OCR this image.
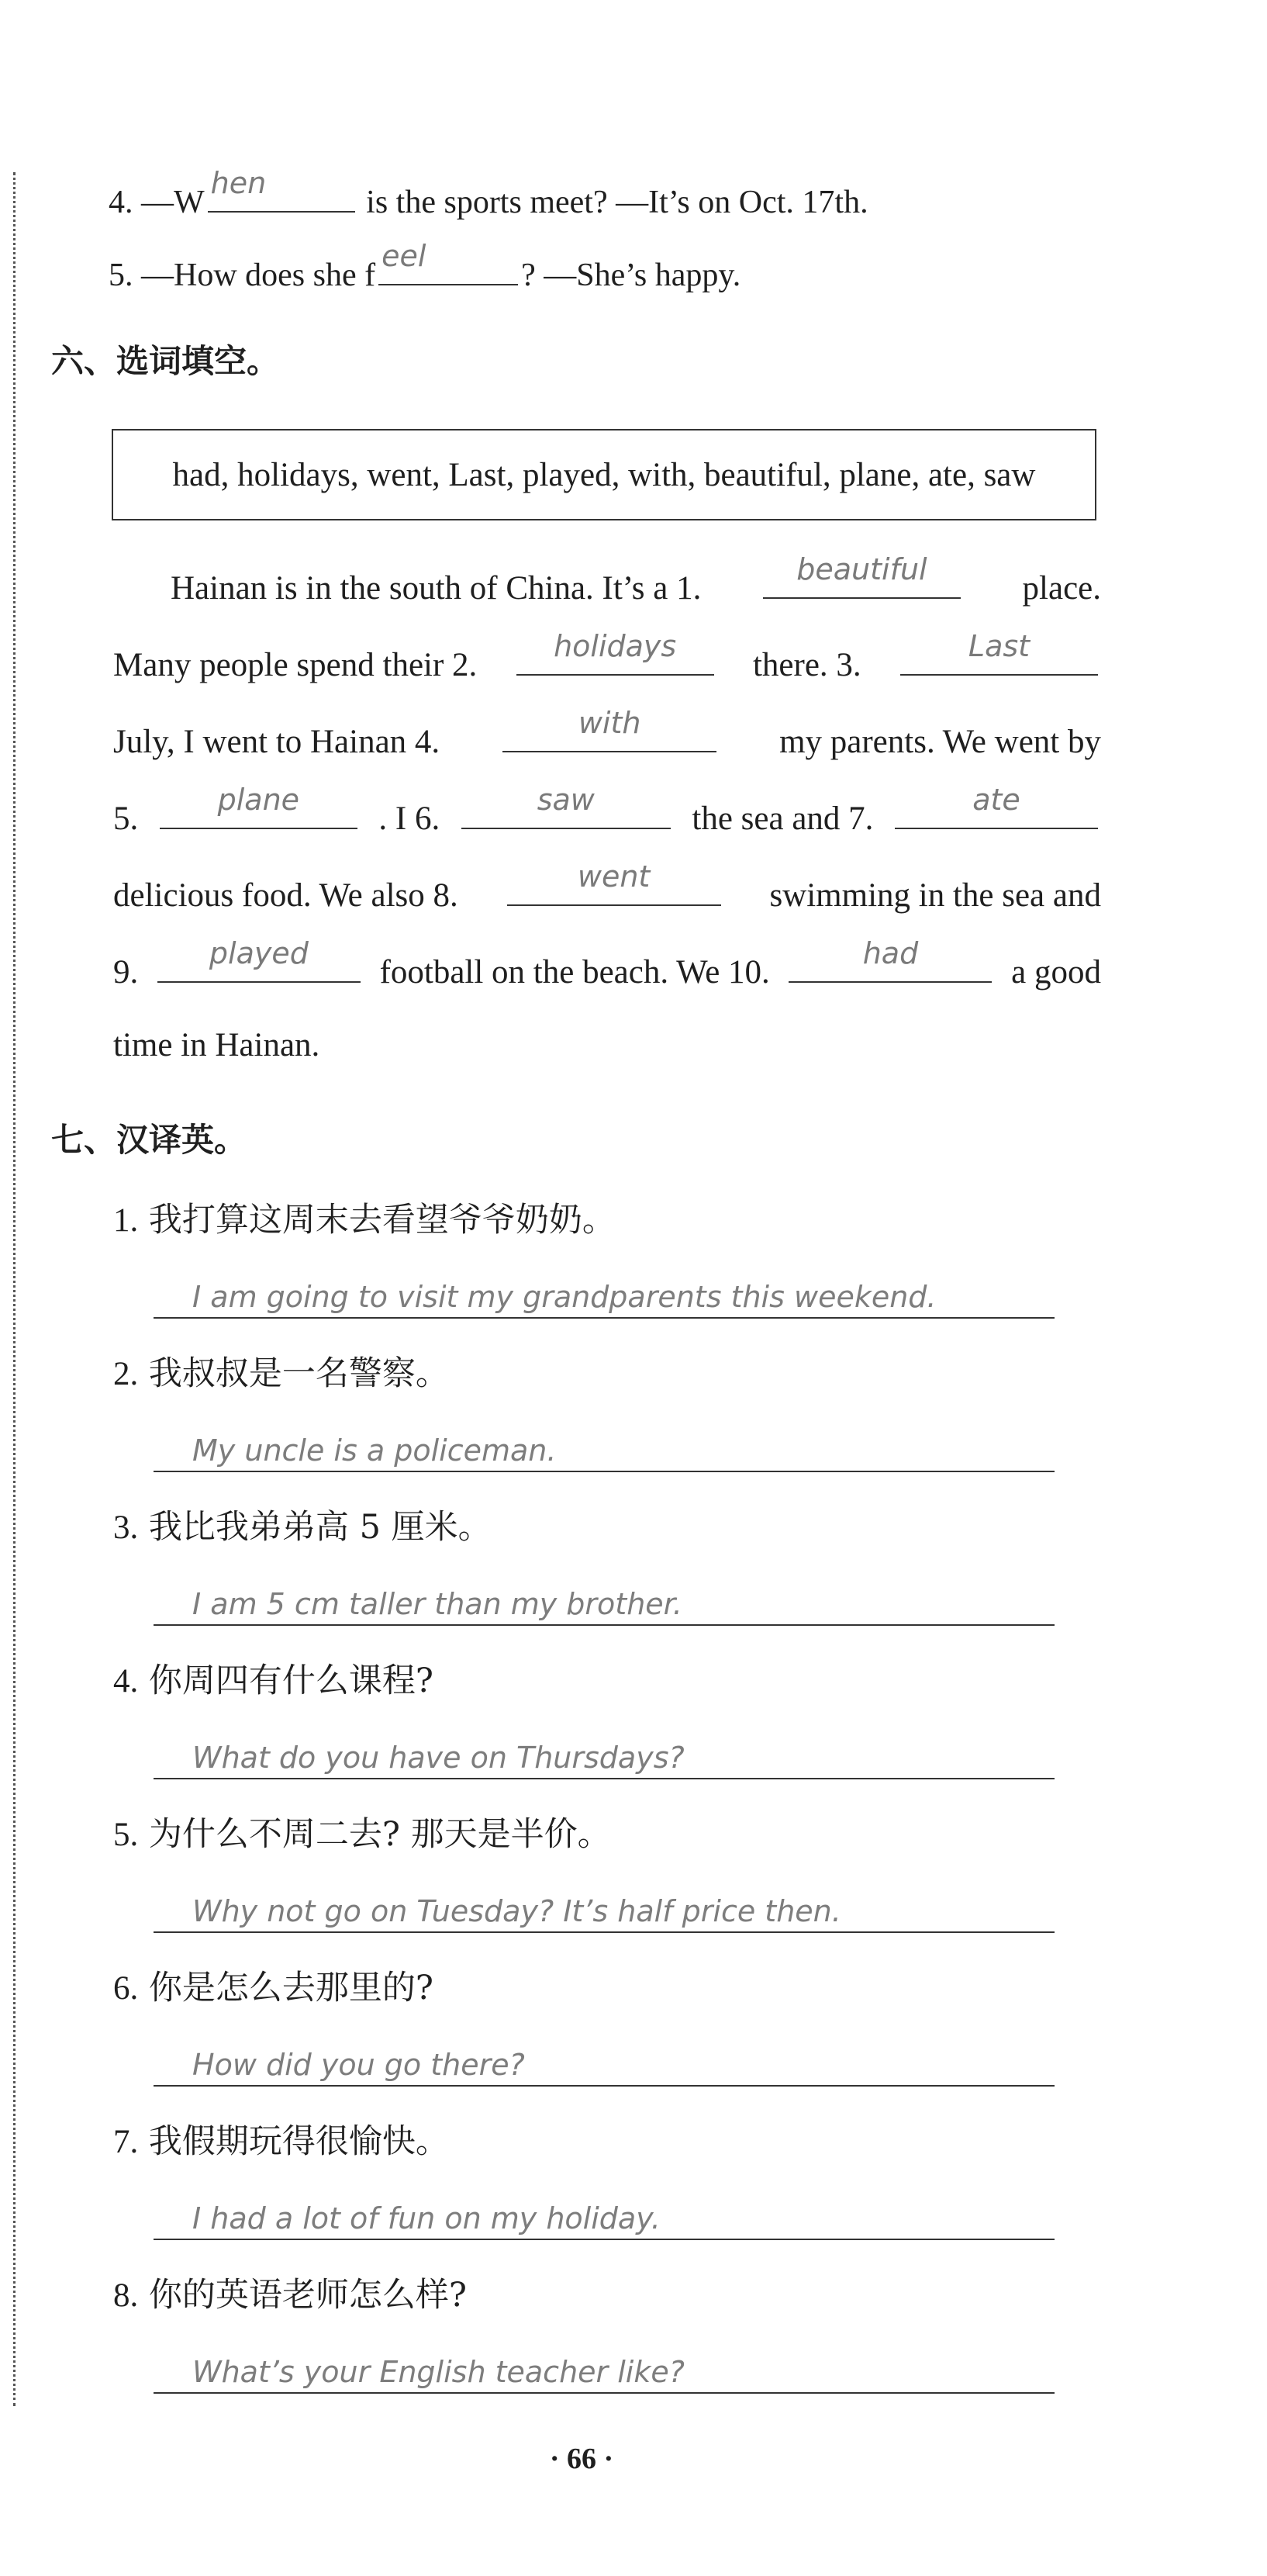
4. —W
hen
is the sports meet? —It’s on Oct. 17th.
5. —How does she f
eel
? —She’s happy.
六、选词填空。
had, holidays, went, Last, played, with, beautiful, plane, ate, saw
Hainan is in the south of China. It’s a 1.
beautiful
place.
Many people spend their 2.
holidays
there. 3.
Last
July, I went to Hainan 4.
with
my parents. We went by
5.
plane
. I 6.
saw
the sea and 7.
ate
delicious food. We also 8.
went
swimming in the sea and
9.
played
football on the beach. We 10.
had
a good
time in Hainan.
七、汉译英。
1. 我打算这周末去看望爷爷奶奶。
I am going to visit my grandparents this weekend.
2. 我叔叔是一名警察。
My uncle is a policeman.
3. 我比我弟弟高 5 厘米。
I am 5 cm taller than my brother.
4. 你周四有什么课程?
What do you have on Thursdays?
5. 为什么不周二去? 那天是半价。
Why not go on Tuesday? It’s half price then.
6. 你是怎么去那里的?
How did you go there?
7. 我假期玩得很愉快。
I had a lot of fun on my holiday.
8. 你的英语老师怎么样?
What’s your English teacher like?
· 66 ·
